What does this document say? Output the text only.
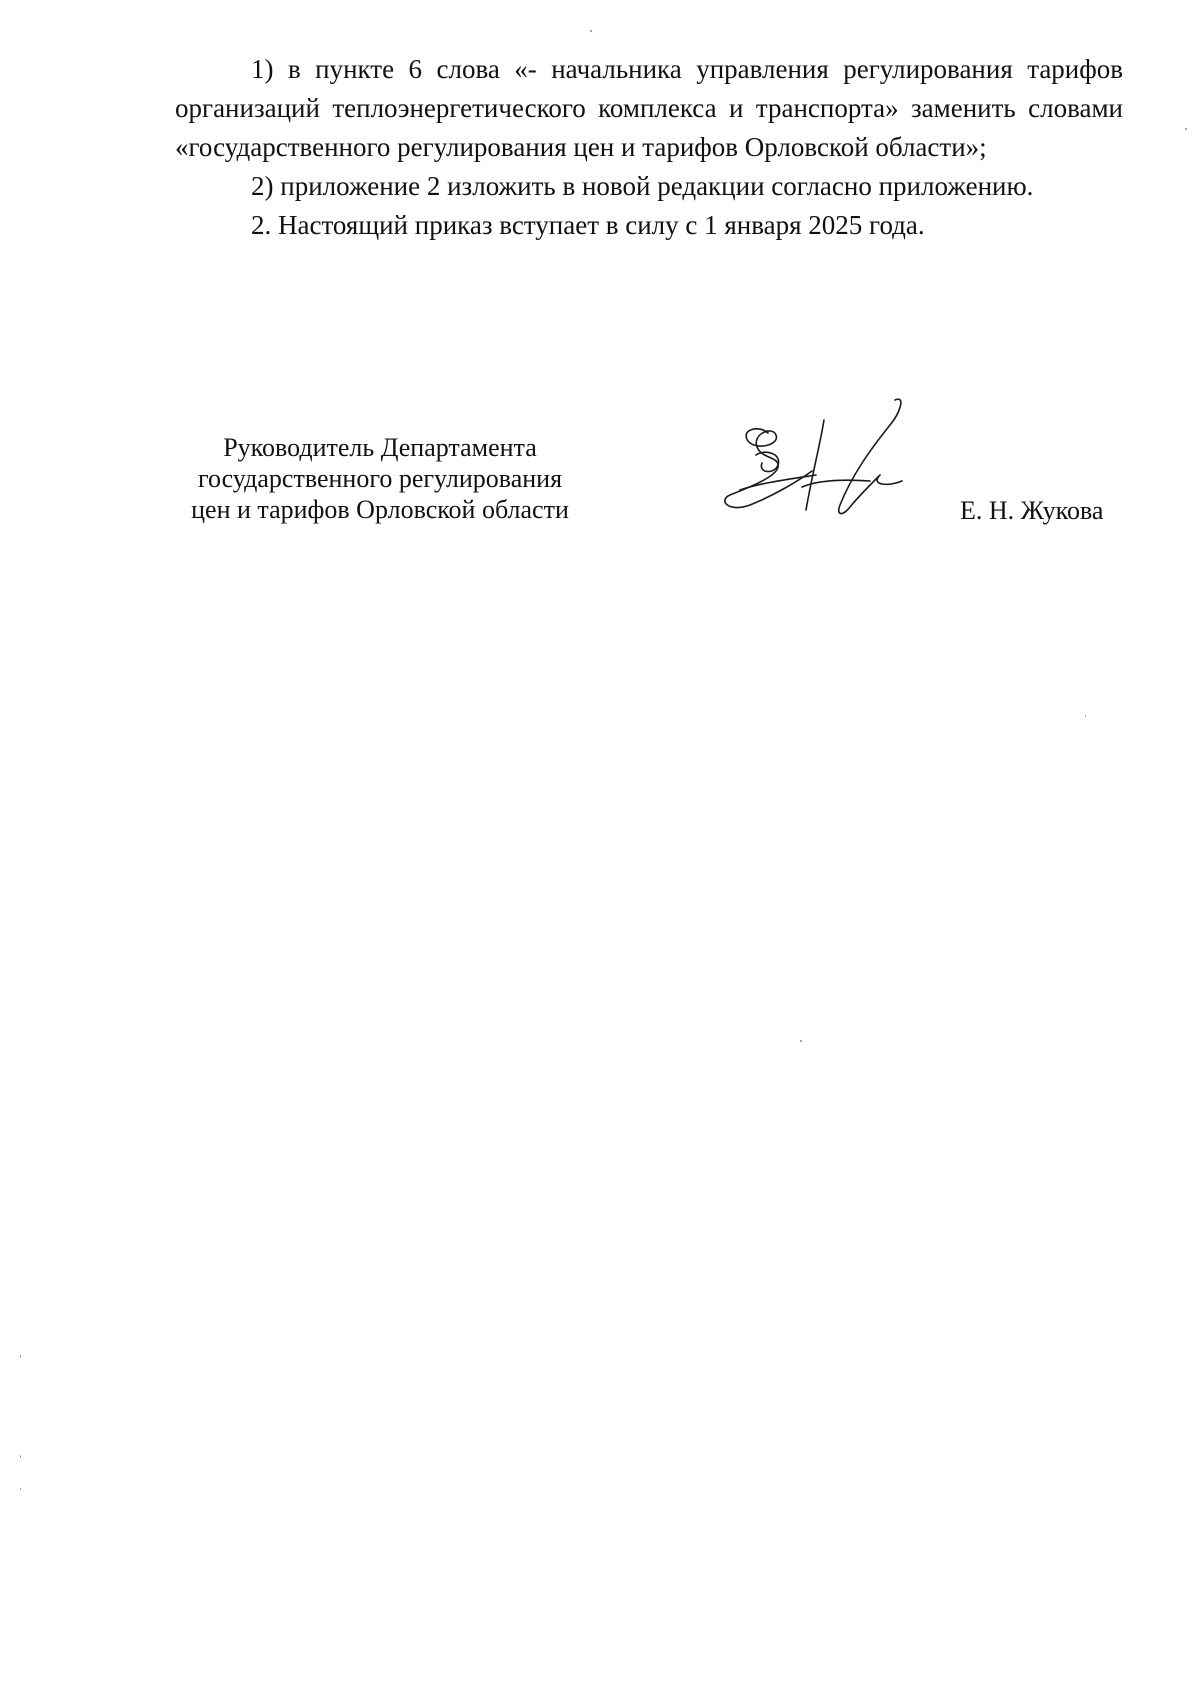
1) в пункте 6 слова «- начальника управления регулирования тарифов организаций теплоэнергетического комплекса и транспорта» заменить словами «государственного регулирования цен и тарифов Орловской области»;

2) приложение 2 изложить в новой редакции согласно приложению.

2. Настоящий приказ вступает в силу с 1 января 2025 года.

Руководитель Департамента
государственного регулирования
цен и тарифов Орловской области	Е. Н. Жукова
